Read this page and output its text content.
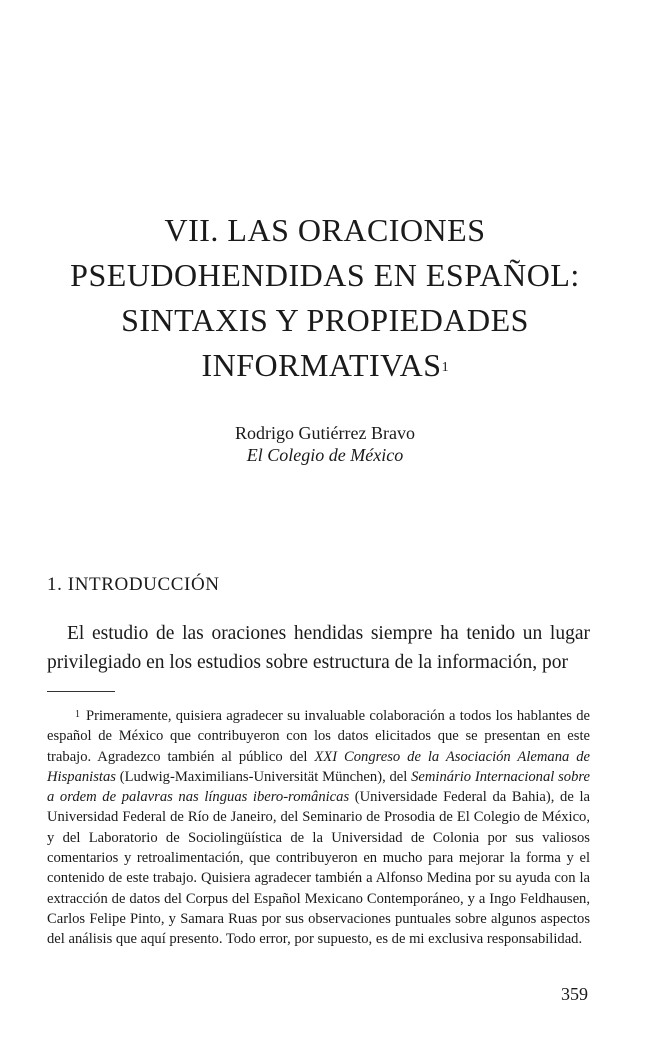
VII. LAS ORACIONES
PSEUDOHENDIDAS EN ESPAÑOL:
SINTAXIS Y PROPIEDADES
INFORMATIVAS$^1$
Rodrigo Gutiérrez Bravo
El Colegio de México
1. INTRODUCCIÓN

El estudio de las oraciones hendidas siempre ha tenido un lugar privilegiado en los estudios sobre estructura de la información, por

$^1$ Primeramente, quisiera agradecer su invaluable colaboración a todos los hablantes de español de México que contribuyeron con los datos elicitados que se presentan en este trabajo. Agradezco también al público del XXI Congreso de la Asociación Alemana de Hispanistas (Ludwig-Maximilians-Universität München), del Seminário Internacional sobre a ordem de palavras nas línguas ibero-românicas (Universidade Federal da Bahia), de la Universidad Federal de Río de Janeiro, del Seminario de Prosodia de El Colegio de México, y del Laboratorio de Sociolingüística de la Universidad de Colonia por sus valiosos comentarios y retroalimentación, que contribuyeron en mucho para mejorar la forma y el contenido de este trabajo. Quisiera agradecer también a Alfonso Medina por su ayuda con la extracción de datos del Corpus del Español Mexicano Contemporáneo, y a Ingo Feldhausen, Carlos Felipe Pinto, y Samara Ruas por sus observaciones puntuales sobre algunos aspectos del análisis que aquí presento. Todo error, por supuesto, es de mi exclusiva responsabilidad.

359
